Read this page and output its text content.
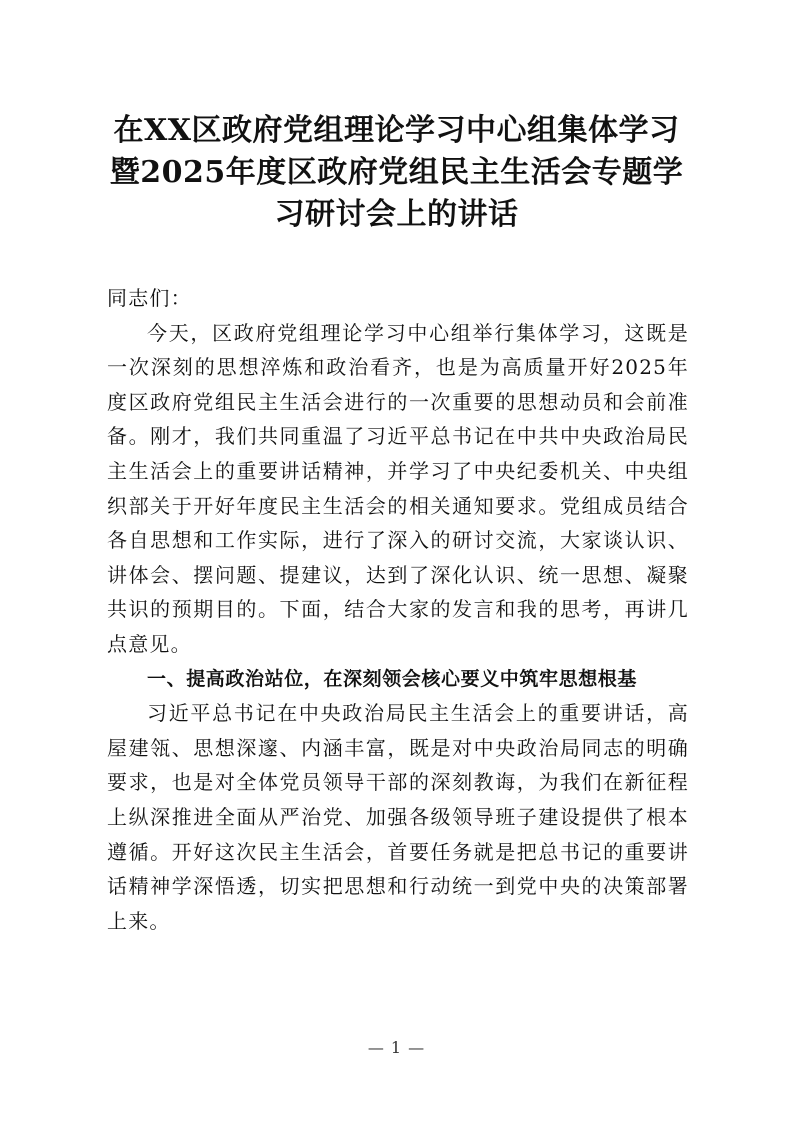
在XX区政府党组理论学习中心组集体学习暨2025年度区政府党组民主生活会专题学习研讨会上的讲话

同志们：

今天，区政府党组理论学习中心组举行集体学习，这既是一次深刻的思想淬炼和政治看齐，也是为高质量开好2025年度区政府党组民主生活会进行的一次重要的思想动员和会前准备。刚才，我们共同重温了习近平总书记在中共中央政治局民主生活会上的重要讲话精神，并学习了中央纪委机关、中央组织部关于开好年度民主生活会的相关通知要求。党组成员结合各自思想和工作实际，进行了深入的研讨交流，大家谈认识、讲体会、摆问题、提建议，达到了深化认识、统一思想、凝聚共识的预期目的。下面，结合大家的发言和我的思考，再讲几点意见。

一、提高政治站位，在深刻领会核心要义中筑牢思想根基

习近平总书记在中央政治局民主生活会上的重要讲话，高屋建瓴、思想深邃、内涵丰富，既是对中央政治局同志的明确要求，也是对全体党员领导干部的深刻教诲，为我们在新征程上纵深推进全面从严治党、加强各级领导班子建设提供了根本遵循。开好这次民主生活会，首要任务就是把总书记的重要讲话精神学深悟透，切实把思想和行动统一到党中央的决策部署上来。

— 1 —
